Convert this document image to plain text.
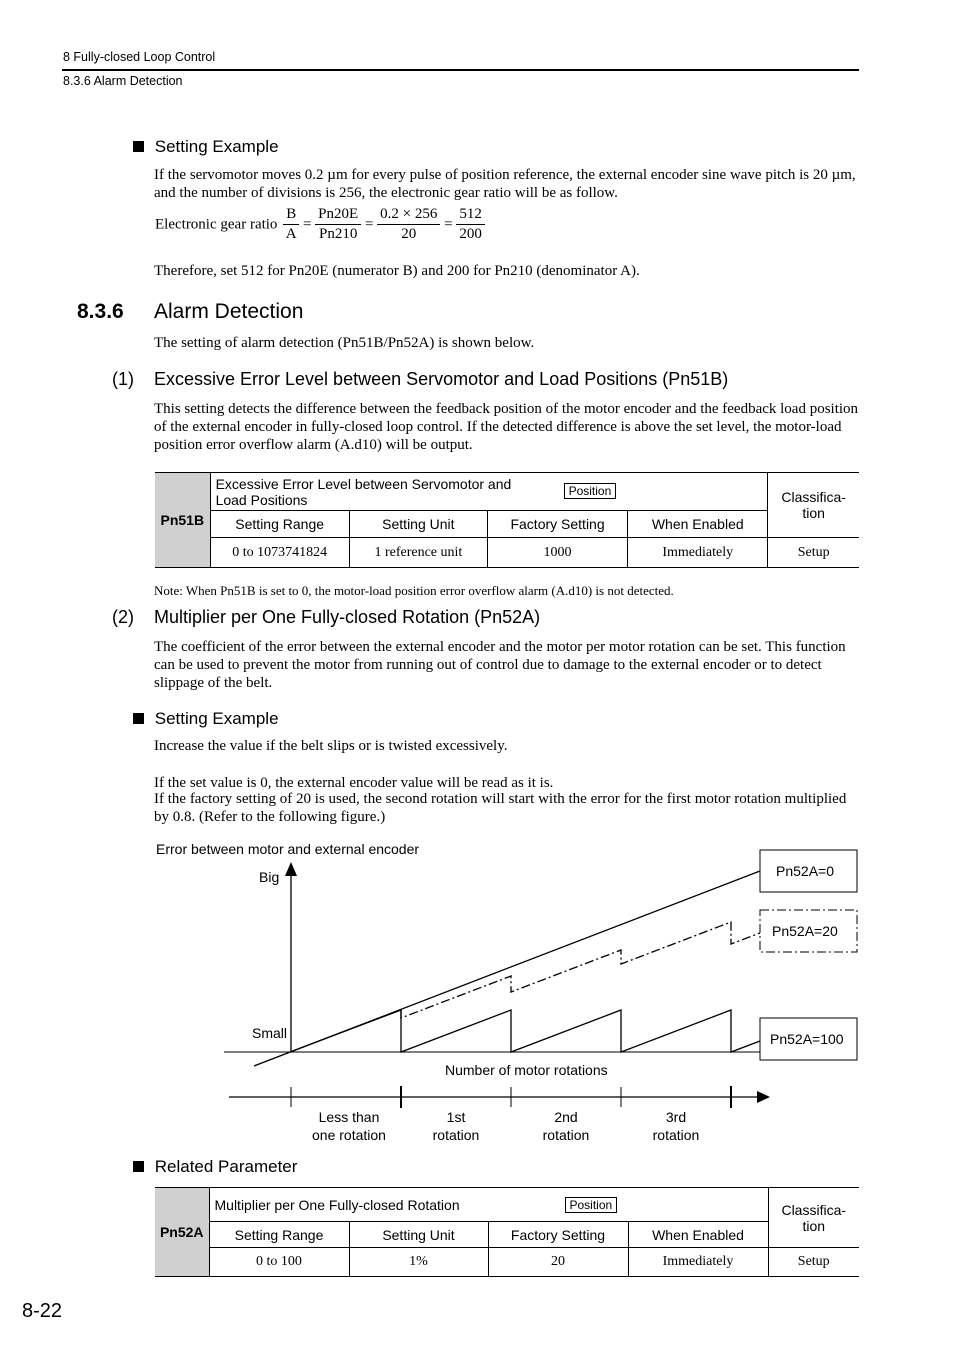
8 Fully-closed Loop Control
8.3.6 Alarm Detection
Setting Example
If the servomotor moves 0.2 µm for every pulse of position reference, the external encoder sine wave pitch is 20 µm, and the number of divisions is 256, the electronic gear ratio will be as follow.
Electronic gear ratio $\frac{B}{A} = \frac{Pn20E}{Pn210} = \frac{0.2 \times 256}{20} = \frac{512}{200}$
Therefore, set 512 for Pn20E (numerator B) and 200 for Pn210 (denominator A).
8.3.6 Alarm Detection
The setting of alarm detection (Pn51B/Pn52A) is shown below.
(1) Excessive Error Level between Servomotor and Load Positions (Pn51B)
This setting detects the difference between the feedback position of the motor encoder and the feedback load position of the external encoder in fully-closed loop control. If the detected difference is above the set level, the motor-load position error overflow alarm (A.d10) will be output.
Pn51B	Excessive Error Level between Servomotor and Load Positions
Position				Classifica-tion
	Setting Range	Setting Unit	Factory Setting	When Enabled	
	0 to 1073741824	1 reference unit	1000	Immediately	Setup
Note: When Pn51B is set to 0, the motor-load position error overflow alarm (A.d10) is not detected.
(2) Multiplier per One Fully-closed Rotation (Pn52A)
The coefficient of the error between the external encoder and the motor per motor rotation can be set. This function can be used to prevent the motor from running out of control due to damage to the external encoder or to detect slippage of the belt.
Setting Example
Increase the value if the belt slips or is twisted excessively.
If the set value is 0, the external encoder value will be read as it is.
If the factory setting of 20 is used, the second rotation will start with the error for the first motor rotation multiplied by 0.8. (Refer to the following figure.)
Error between motor and external encoder
Big
Small
Number of motor rotations
Pn52A=0
Pn52A=20
Pn52A=100
Less than
one rotation
1st
rotation
2nd
rotation
3rd
rotation
Related Parameter
Pn52A	Multiplier per One Fully-closed Rotation Position				Classifica-tion
	Setting Range	Setting Unit	Factory Setting	When Enabled	
	0 to 100	1%	20	Immediately	Setup
8-22
